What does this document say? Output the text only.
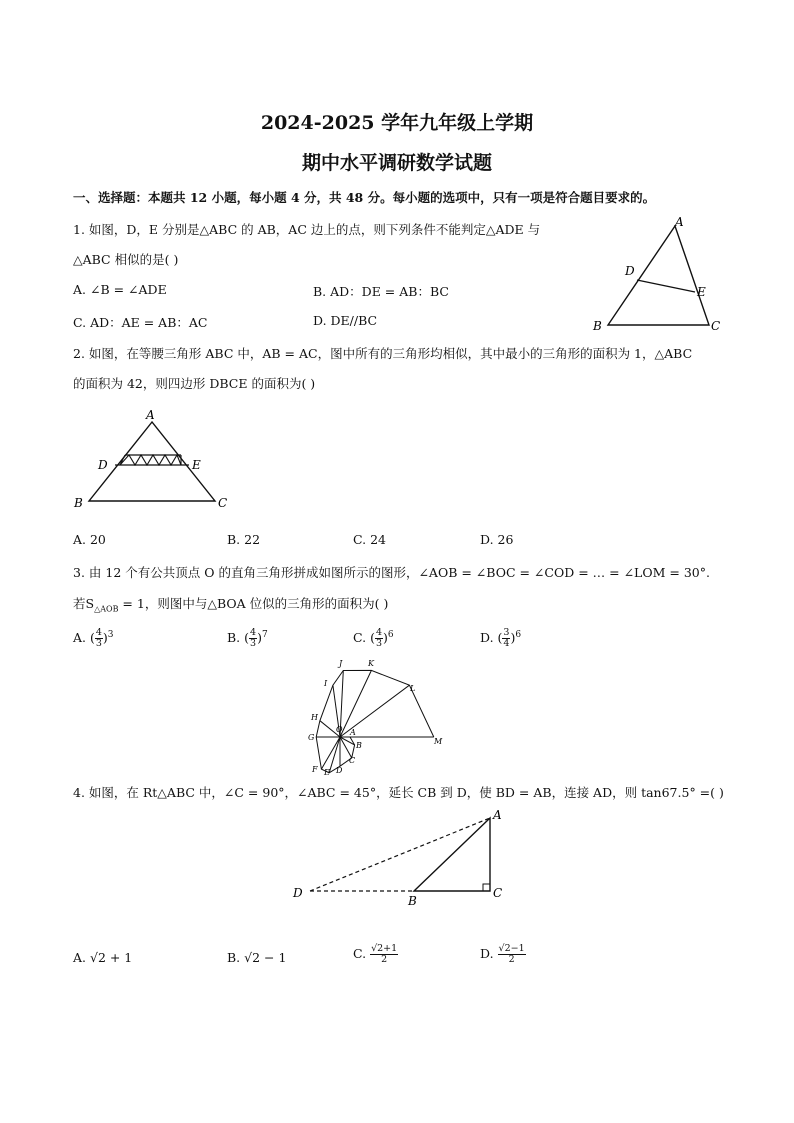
2024-2025 学年九年级上学期
期中水平调研数学试题
一、选择题：本题共 12 小题，每小题 4 分，共 48 分。每小题的选项中，只有一项是符合题目要求的。
1. 如图，D，E 分别是△ABC 的 AB，AC 边上的点，则下列条件不能判定△ADE 与
△ABC 相似的是( )
A. ∠B = ∠ADE	B. AD：DE = AB：BC
C. AD：AE = AB：AC	D. DE//BC
A
B	C
D
E
2. 如图，在等腰三角形 ABC 中，AB = AC，图中所有的三角形均相似，其中最小的三角形的面积为 1，△ABC
的面积为 42，则四边形 DBCE 的面积为( )
A
B	C
D	E
A. 20	B. 22	C. 24	D. 26
3. 由 12 个有公共顶点 O 的直角三角形拼成如图所示的图形，∠AOB = ∠BOC = ∠COD = … = ∠LOM = 30°.
若$S_{\triangle AOB} = 1$，则图中与△BOA 位似的三角形的面积为( )
A. ( $\frac{4}{3} )^3$	B. ( $\frac{4}{3} )^7$	C. ( $\frac{4}{3} )^6$	D. ( $\frac{3}{4} )^6$
O A
B
C
D
E
F
G
H
I
J	K
L
M
4. 如图，在 Rt△ABC 中，∠C = 90°，∠ABC = 45°，延长 CB 到 D，使 BD = AB，连接 AD，则 tan67.5° =( )
A
B
C
D
A. √2 + 1	B. √2 − 1	C. $\frac{√2+1}{2}$	D. $\frac{√2-1}{2}$
